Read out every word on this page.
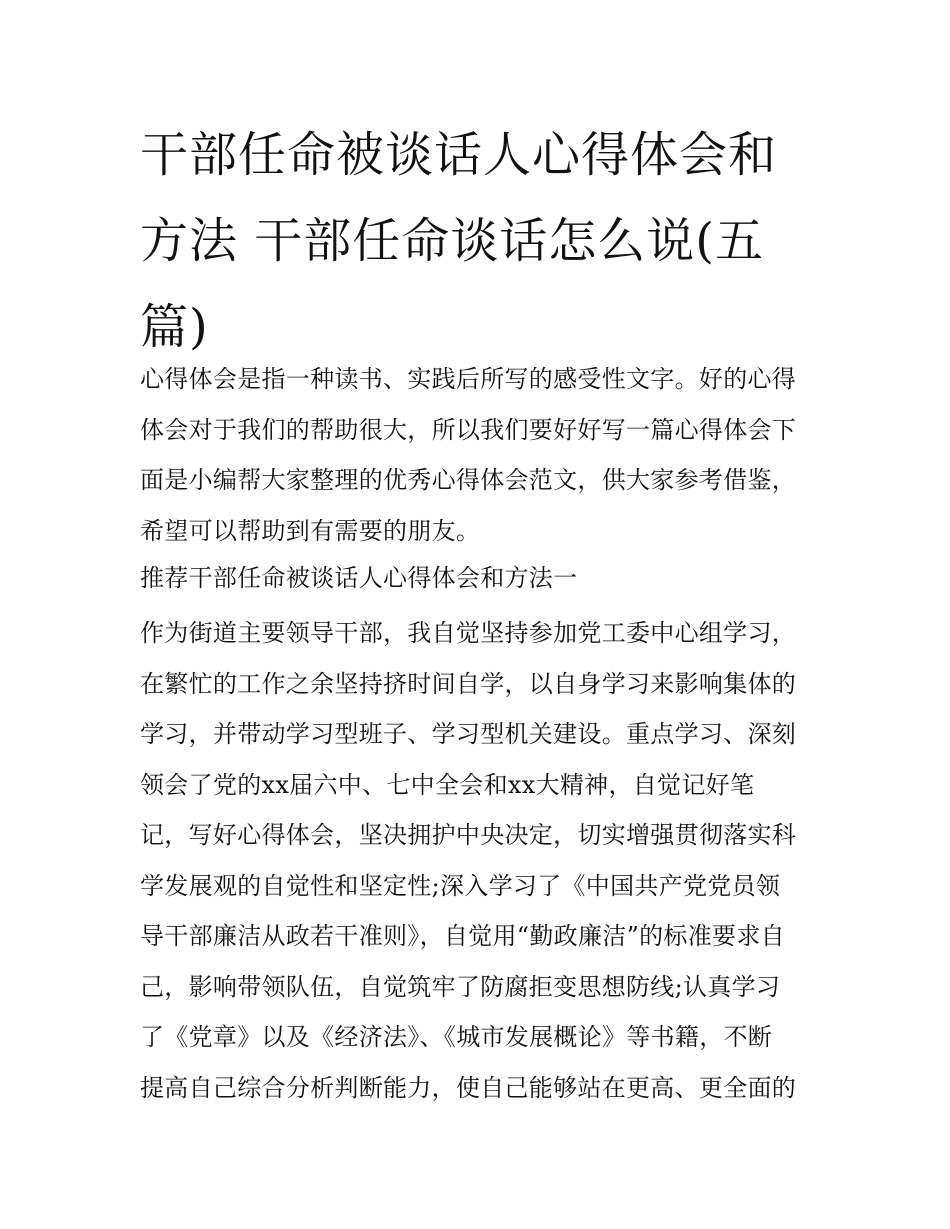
干部任命被谈话人心得体会和
方法 干部任命谈话怎么说(五
篇)

心得体会是指一种读书、实践后所写的感受性文字。好的心得
体会对于我们的帮助很大，所以我们要好好写一篇心得体会下
面是小编帮大家整理的优秀心得体会范文，供大家参考借鉴，
希望可以帮助到有需要的朋友。

推荐干部任命被谈话人心得体会和方法一

作为街道主要领导干部，我自觉坚持参加党工委中心组学习，
在繁忙的工作之余坚持挤时间自学，以自身学习来影响集体的
学习，并带动学习型班子、学习型机关建设。重点学习、深刻
领会了党的xx届六中、七中全会和xx大精神，自觉记好笔
记，写好心得体会，坚决拥护中央决定，切实增强贯彻落实科
学发展观的自觉性和坚定性;深入学习了《中国共产党党员领
导干部廉洁从政若干准则》，自觉用“勤政廉洁”的标准要求自
己，影响带领队伍，自觉筑牢了防腐拒变思想防线;认真学习
了《党章》以及《经济法》、《城市发展概论》等书籍，不断
提高自己综合分析判断能力，使自己能够站在更高、更全面的
